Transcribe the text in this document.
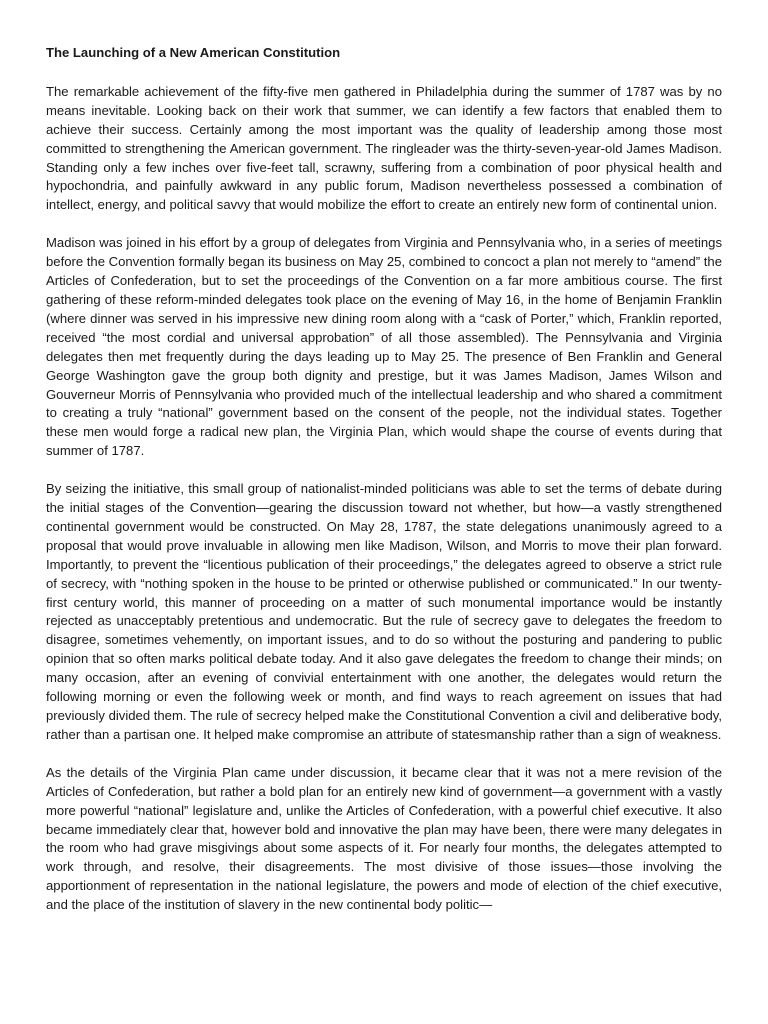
The Launching of a New American Constitution

The remarkable achievement of the fifty-five men gathered in Philadelphia during the summer of 1787 was by no means inevitable. Looking back on their work that summer, we can identify a few factors that enabled them to achieve their success. Certainly among the most important was the quality of leadership among those most committed to strengthening the American government. The ringleader was the thirty-seven-year-old James Madison. Standing only a few inches over five-feet tall, scrawny, suffering from a combination of poor physical health and hypochondria, and painfully awkward in any public forum, Madison nevertheless possessed a combination of intellect, energy, and political savvy that would mobilize the effort to create an entirely new form of continental union.

Madison was joined in his effort by a group of delegates from Virginia and Pennsylvania who, in a series of meetings before the Convention formally began its business on May 25, combined to concoct a plan not merely to “amend” the Articles of Confederation, but to set the proceedings of the Convention on a far more ambitious course. The first gathering of these reform-minded delegates took place on the evening of May 16, in the home of Benjamin Franklin (where dinner was served in his impressive new dining room along with a “cask of Porter,” which, Franklin reported, received “the most cordial and universal approbation” of all those assembled). The Pennsylvania and Virginia delegates then met frequently during the days leading up to May 25. The presence of Ben Franklin and General George Washington gave the group both dignity and prestige, but it was James Madison, James Wilson and Gouverneur Morris of Pennsylvania who provided much of the intellectual leadership and who shared a commitment to creating a truly “national” government based on the consent of the people, not the individual states. Together these men would forge a radical new plan, the Virginia Plan, which would shape the course of events during that summer of 1787.

By seizing the initiative, this small group of nationalist-minded politicians was able to set the terms of debate during the initial stages of the Convention—gearing the discussion toward not whether, but how—a vastly strengthened continental government would be constructed. On May 28, 1787, the state delegations unanimously agreed to a proposal that would prove invaluable in allowing men like Madison, Wilson, and Morris to move their plan forward. Importantly, to prevent the “licentious publication of their proceedings,” the delegates agreed to observe a strict rule of secrecy, with “nothing spoken in the house to be printed or otherwise published or communicated.” In our twenty-first century world, this manner of proceeding on a matter of such monumental importance would be instantly rejected as unacceptably pretentious and undemocratic. But the rule of secrecy gave to delegates the freedom to disagree, sometimes vehemently, on important issues, and to do so without the posturing and pandering to public opinion that so often marks political debate today. And it also gave delegates the freedom to change their minds; on many occasion, after an evening of convivial entertainment with one another, the delegates would return the following morning or even the following week or month, and find ways to reach agreement on issues that had previously divided them. The rule of secrecy helped make the Constitutional Convention a civil and deliberative body, rather than a partisan one. It helped make compromise an attribute of statesmanship rather than a sign of weakness.

As the details of the Virginia Plan came under discussion, it became clear that it was not a mere revision of the Articles of Confederation, but rather a bold plan for an entirely new kind of government—a government with a vastly more powerful “national” legislature and, unlike the Articles of Confederation, with a powerful chief executive. It also became immediately clear that, however bold and innovative the plan may have been, there were many delegates in the room who had grave misgivings about some aspects of it. For nearly four months, the delegates attempted to work through, and resolve, their disagreements. The most divisive of those issues—those involving the apportionment of representation in the national legislature, the powers and mode of election of the chief executive, and the place of the institution of slavery in the new continental body politic—
